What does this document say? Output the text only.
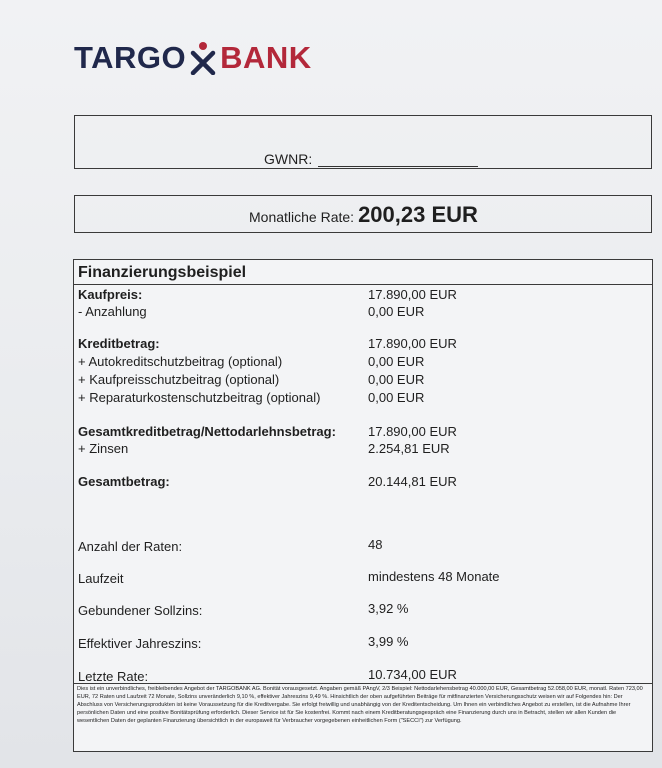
TARGO BANK
GWNR:
Monatliche Rate: 200,23 EUR
Finanzierungsbeispiel
Kaufpreis:	17.890,00 EUR
- Anzahlung	0,00 EUR
Kreditbetrag:	17.890,00 EUR
+ Autokreditschutzbeitrag (optional)	0,00 EUR
+ Kaufpreisschutzbeitrag (optional)	0,00 EUR
+ Reparaturkostenschutzbeitrag (optional)	0,00 EUR
Gesamtkreditbetrag/Nettodarlehnsbetrag: 17.890,00 EUR
+ Zinsen	2.254,81 EUR
Gesamtbetrag:	20.144,81 EUR
Anzahl der Raten:	48
Laufzeit	mindestens 48 Monate
Gebundener Sollzins:	3,92 %
Effektiver Jahreszins:	3,99 %
Letzte Rate:	10.734,00 EUR
Dies ist ein unverbindliches, freibleibendes Angebot der TARGOBANK AG. Bonität vorausgesetzt. Angaben gemäß PAngV, 2/3 Beispiel: Nettodarlehensbetrag 40.000,00 EUR, Gesamtbetrag 52.058,00 EUR, monatl. Raten 723,00 EUR, 72 Raten und Laufzeit 72 Monate, Sollzins unveränderlich 9,10 %, effektiver Jahreszins 9,49 %. Hinsichtlich der oben aufgeführten Beiträge für mitfinanzierten Versicherungsschutz weisen wir auf Folgendes hin: Der Abschluss von Versicherungsprodukten ist keine Voraussetzung für die Kreditvergabe. Sie erfolgt freiwillig und unabhängig von der Kreditentscheidung. Um Ihnen ein verbindliches Angebot zu erstellen, ist die Aufnahme Ihrer persönlichen Daten und eine positive Bonitätsprüfung erforderlich. Dieser Service ist für Sie kostenfrei. Kommt nach einem Kreditberatungsgespräch eine Finanzierung durch uns in Betracht, stellen wir allen Kunden die wesentlichen Daten der geplanten Finanzierung übersichtlich in der europaweit für Verbraucher vorgegebenen einheitlichen Form ("SECCI") zur Verfügung.
